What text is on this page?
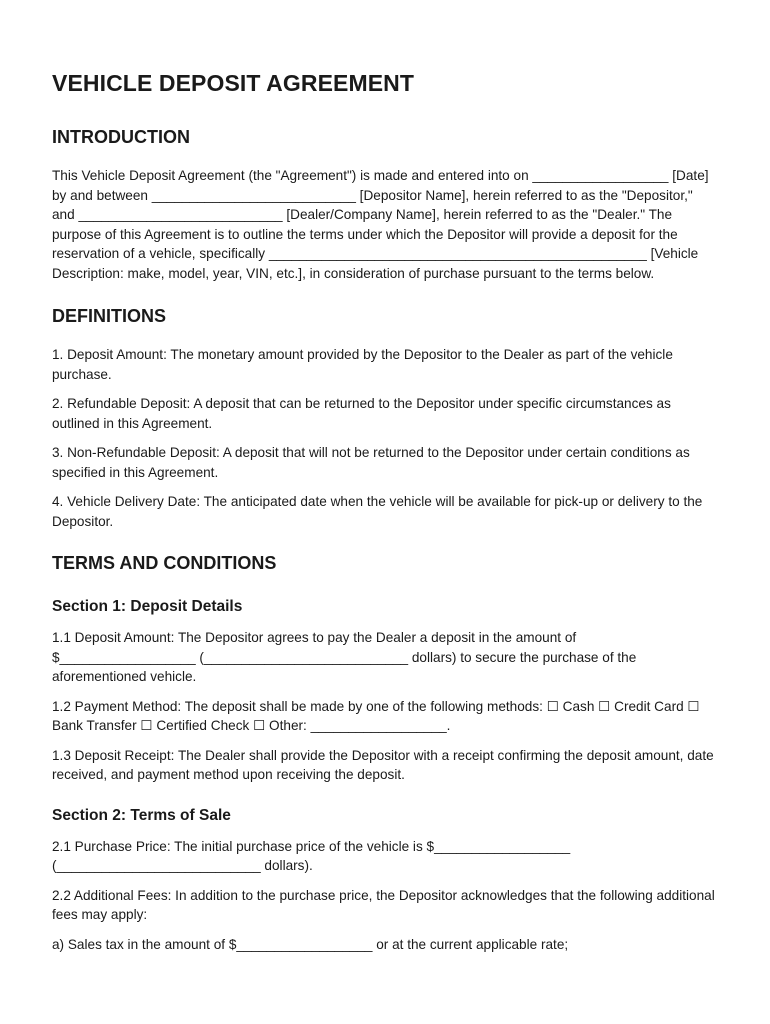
VEHICLE DEPOSIT AGREEMENT
INTRODUCTION

This Vehicle Deposit Agreement (the "Agreement") is made and entered into on __________________ [Date] by and between ___________________________ [Depositor Name], herein referred to as the "Depositor," and ___________________________ [Dealer/Company Name], herein referred to as the "Dealer." The purpose of this Agreement is to outline the terms under which the Depositor will provide a deposit for the reservation of a vehicle, specifically __________________________________________________ [Vehicle Description: make, model, year, VIN, etc.], in consideration of purchase pursuant to the terms below.

DEFINITIONS

1. Deposit Amount: The monetary amount provided by the Depositor to the Dealer as part of the vehicle purchase.

2. Refundable Deposit: A deposit that can be returned to the Depositor under specific circumstances as outlined in this Agreement.

3. Non-Refundable Deposit: A deposit that will not be returned to the Depositor under certain conditions as specified in this Agreement.

4. Vehicle Delivery Date: The anticipated date when the vehicle will be available for pick-up or delivery to the Depositor.

TERMS AND CONDITIONS
Section 1: Deposit Details

1.1 Deposit Amount: The Depositor agrees to pay the Dealer a deposit in the amount of $__________________ (___________________________ dollars) to secure the purchase of the aforementioned vehicle.

1.2 Payment Method: The deposit shall be made by one of the following methods: ☐ Cash ☐ Credit Card ☐ Bank Transfer ☐ Certified Check ☐ Other: __________________.

1.3 Deposit Receipt: The Dealer shall provide the Depositor with a receipt confirming the deposit amount, date received, and payment method upon receiving the deposit.

Section 2: Terms of Sale

2.1 Purchase Price: The initial purchase price of the vehicle is $__________________ (___________________________ dollars).

2.2 Additional Fees: In addition to the purchase price, the Depositor acknowledges that the following additional fees may apply:

a) Sales tax in the amount of $__________________ or at the current applicable rate;
